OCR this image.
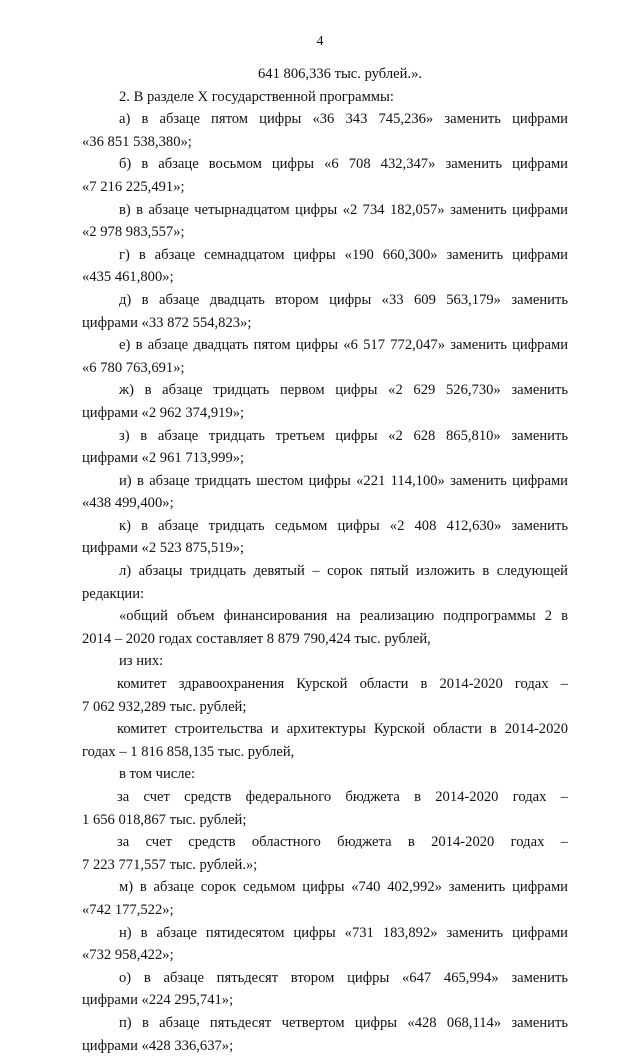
4
641 806,336 тыс. рублей.».
2. В разделе X государственной программы:
а) в абзаце пятом цифры «36 343 745,236» заменить цифрами
«36 851 538,380»;
б) в абзаце восьмом цифры «6 708 432,347» заменить цифрами
«7 216 225,491»;
в) в абзаце четырнадцатом цифры «2 734 182,057» заменить цифрами
«2 978 983,557»;
г) в абзаце семнадцатом цифры «190 660,300» заменить цифрами
«435 461,800»;
д) в абзаце двадцать втором цифры «33 609 563,179» заменить
цифрами «33 872 554,823»;
е) в абзаце двадцать пятом цифры «6 517 772,047» заменить цифрами
«6 780 763,691»;
ж) в абзаце тридцать первом цифры «2 629 526,730» заменить
цифрами «2 962 374,919»;
з) в абзаце тридцать третьем цифры «2 628 865,810» заменить
цифрами «2 961 713,999»;
и) в абзаце тридцать шестом цифры «221 114,100» заменить цифрами
«438 499,400»;
к) в абзаце тридцать седьмом цифры «2 408 412,630» заменить
цифрами «2 523 875,519»;
л) абзацы тридцать девятый – сорок пятый изложить в следующей
редакции:
«общий объем финансирования на реализацию подпрограммы 2 в
2014 – 2020 годах составляет 8 879 790,424 тыс. рублей,
из них:
комитет здравоохранения Курской области в 2014-2020 годах –
7 062 932,289 тыс. рублей;
комитет строительства и архитектуры Курской области в 2014-2020
годах – 1 816 858,135 тыс. рублей,
в том числе:
за счет средств федерального бюджета в 2014-2020 годах –
1 656 018,867 тыс. рублей;
за счет средств областного бюджета в 2014-2020 годах –
7 223 771,557 тыс. рублей.»;
м) в абзаце сорок седьмом цифры «740 402,992» заменить цифрами
«742 177,522»;
н) в абзаце пятидесятом цифры «731 183,892» заменить цифрами
«732 958,422»;
о) в абзаце пятьдесят втором цифры «647 465,994» заменить
цифрами «224 295,741»;
п) в абзаце пятьдесят четвертом цифры «428 068,114» заменить
цифрами «428 336,637»;
